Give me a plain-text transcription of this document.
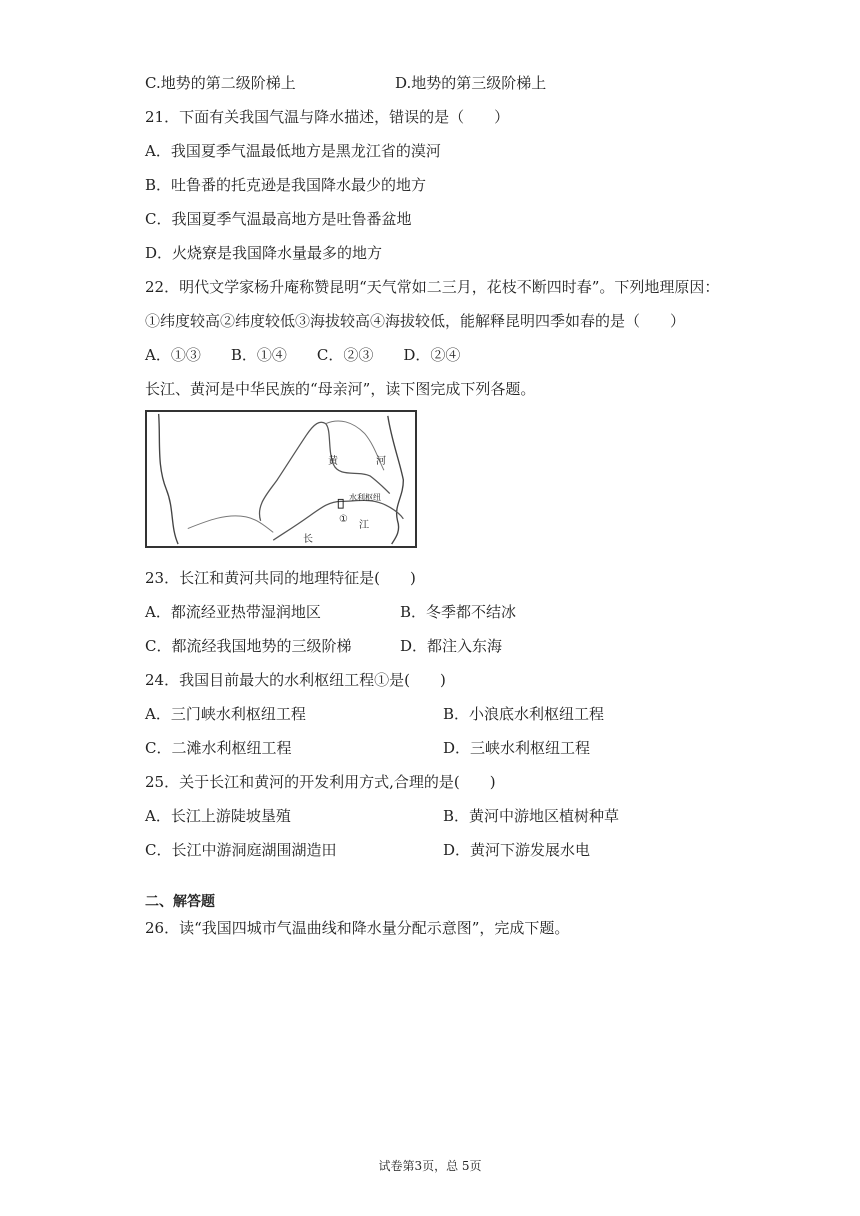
C.地势的第二级阶梯上	D.地势的第三级阶梯上
21．下面有关我国气温与降水描述，错误的是（　　）
A．我国夏季气温最低地方是黑龙江省的漠河
B．吐鲁番的托克逊是我国降水最少的地方
C．我国夏季气温最高地方是吐鲁番盆地
D．火烧寮是我国降水量最多的地方
22．明代文学家杨升庵称赞昆明“天气常如二三月，花枝不断四时春”。下列地理原因：
①纬度较高②纬度较低③海拔较高④海拔较低，能解释昆明四季如春的是（　　）
A．①③　　B．①④　　C．②③　　D．②④
长江、黄河是中华民族的“母亲河”，读下图完成下列各题。
黄	河
水利枢纽
①
江
长
23．长江和黄河共同的地理特征是(　　)
A．都流经亚热带湿润地区	B．冬季都不结冰
C．都流经我国地势的三级阶梯	D．都注入东海
24．我国目前最大的水利枢纽工程①是(　　)
A．三门峡水利枢纽工程	B．小浪底水利枢纽工程
C．二滩水利枢纽工程	D．三峡水利枢纽工程
25．关于长江和黄河的开发利用方式,合理的是(　　)
A．长江上游陡坡垦殖	B．黄河中游地区植树种草
C．长江中游洞庭湖围湖造田	D．黄河下游发展水电
二、解答题
26．读“我国四城市气温曲线和降水量分配示意图”，完成下题。
试卷第3页，总 5页
